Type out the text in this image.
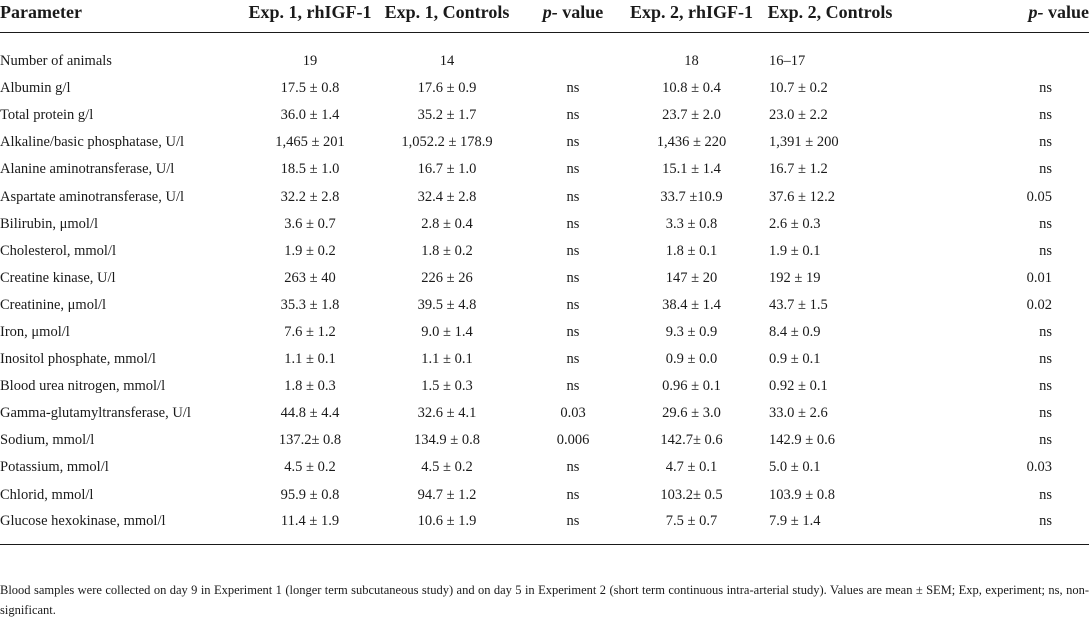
Parameter	Exp. 1, rhIGF-1	Exp. 1, Controls	p- value	Exp. 2, rhIGF-1	Exp. 2, Controls	p- value

Number of animals	19	14		18	16–17	
Albumin g/l	17.5 ± 0.8	17.6 ± 0.9	ns	10.8 ± 0.4	10.7 ± 0.2	ns
Total protein g/l	36.0 ± 1.4	35.2 ± 1.7	ns	23.7 ± 2.0	23.0 ± 2.2	ns
Alkaline/basic phosphatase, U/l	1,465 ± 201	1,052.2 ± 178.9	ns	1,436 ± 220	1,391 ± 200	ns
Alanine aminotransferase, U/l	18.5 ± 1.0	16.7 ± 1.0	ns	15.1 ± 1.4	16.7 ± 1.2	ns
Aspartate aminotransferase, U/l	32.2 ± 2.8	32.4 ± 2.8	ns	33.7 ±10.9	37.6 ± 12.2	0.05
Bilirubin, μmol/l	3.6 ± 0.7	2.8 ± 0.4	ns	3.3 ± 0.8	2.6 ± 0.3	ns
Cholesterol, mmol/l	1.9 ± 0.2	1.8 ± 0.2	ns	1.8 ± 0.1	1.9 ± 0.1	ns
Creatine kinase, U/l	263 ± 40	226 ± 26	ns	147 ± 20	192 ± 19	0.01
Creatinine, μmol/l	35.3 ± 1.8	39.5 ± 4.8	ns	38.4 ± 1.4	43.7 ± 1.5	0.02
Iron, μmol/l	7.6 ± 1.2	9.0 ± 1.4	ns	9.3 ± 0.9	8.4 ± 0.9	ns
Inositol phosphate, mmol/l	1.1 ± 0.1	1.1 ± 0.1	ns	0.9 ± 0.0	0.9 ± 0.1	ns
Blood urea nitrogen, mmol/l	1.8 ± 0.3	1.5 ± 0.3	ns	0.96 ± 0.1	0.92 ± 0.1	ns
Gamma-glutamyltransferase, U/l	44.8 ± 4.4	32.6 ± 4.1	0.03	29.6 ± 3.0	33.0 ± 2.6	ns
Sodium, mmol/l	137.2± 0.8	134.9 ± 0.8	0.006	142.7± 0.6	142.9 ± 0.6	ns
Potassium, mmol/l	4.5 ± 0.2	4.5 ± 0.2	ns	4.7 ± 0.1	5.0 ± 0.1	0.03
Chlorid, mmol/l	95.9 ± 0.8	94.7 ± 1.2	ns	103.2± 0.5	103.9 ± 0.8	ns
Glucose hexokinase, mmol/l	11.4 ± 1.9	10.6 ± 1.9	ns	7.5 ± 0.7	7.9 ± 1.4	ns
Blood samples were collected on day 9 in Experiment 1 (longer term subcutaneous study) and on day 5 in Experiment 2 (short term continuous intra-arterial study). Values are mean ± SEM; Exp, experiment; ns, non-significant.
